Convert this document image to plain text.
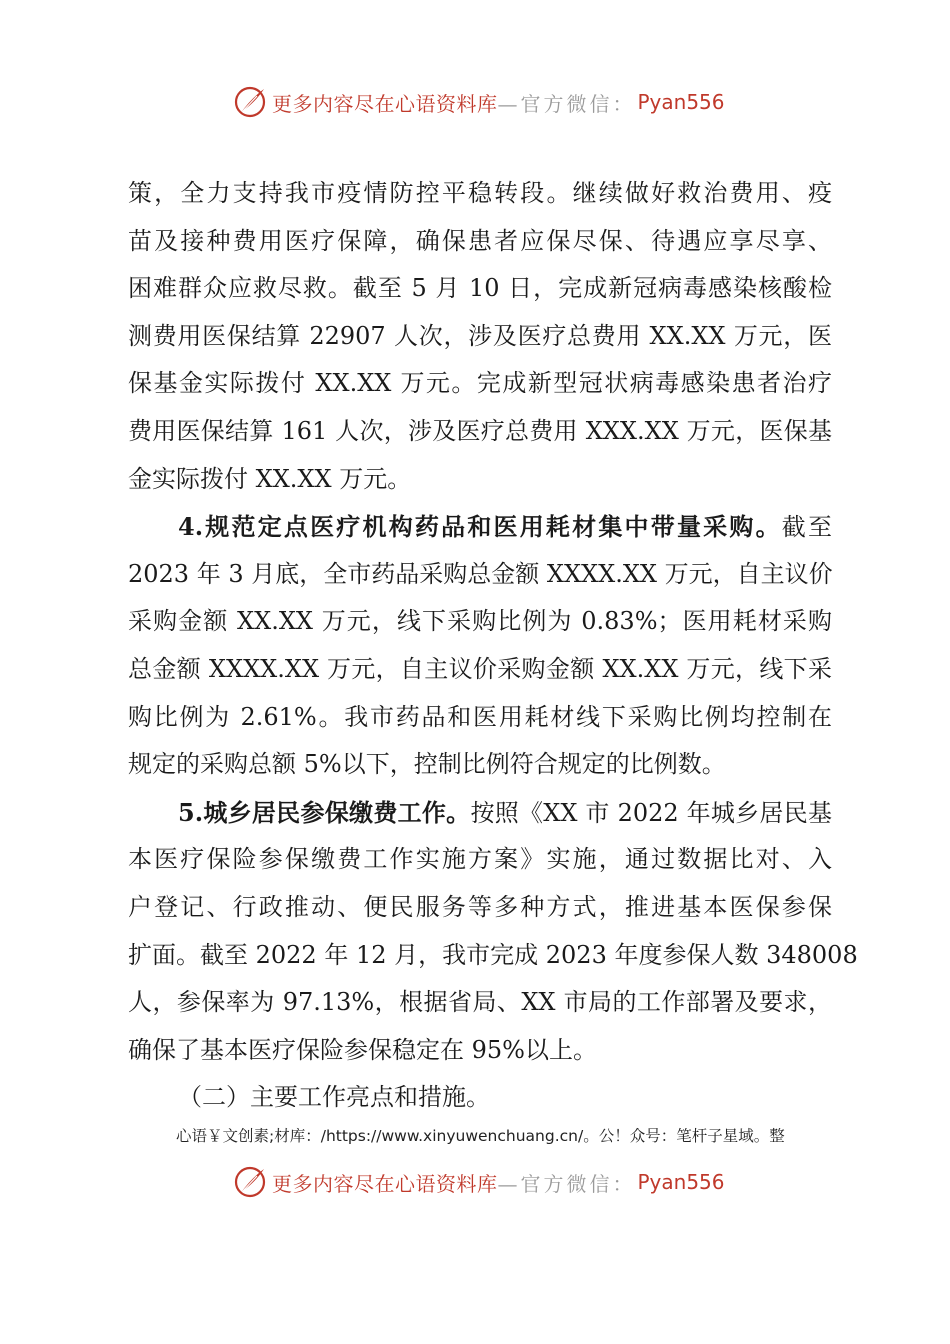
更多内容尽在心语资料库 —官方微信： Pyan556
策，全力支持我市疫情防控平稳转段。继续做好救治费用、疫
苗及接种费用医疗保障，确保患者应保尽保、待遇应享尽享、
困难群众应救尽救。截至 5 月 10 日，完成新冠病毒感染核酸检
测费用医保结算 22907 人次，涉及医疗总费用 XX.XX 万元，医
保基金实际拨付 XX.XX 万元。完成新型冠状病毒感染患者治疗
费用医保结算 161 人次，涉及医疗总费用 XXX.XX 万元，医保基
金实际拨付 XX.XX 万元。
4.规范定点医疗机构药品和医用耗材集中带量采购。截至
2023 年 3 月底，全市药品采购总金额 XXXX.XX 万元，自主议价
采购金额 XX.XX 万元，线下采购比例为 0.83%；医用耗材采购
总金额 XXXX.XX 万元，自主议价采购金额 XX.XX 万元，线下采
购比例为 2.61%。我市药品和医用耗材线下采购比例均控制在
规定的采购总额 5%以下，控制比例符合规定的比例数。
5.城乡居民参保缴费工作。按照《XX 市 2022 年城乡居民基
本医疗保险参保缴费工作实施方案》实施，通过数据比对、入
户登记、行政推动、便民服务等多种方式，推进基本医保参保
扩面。截至 2022 年 12 月，我市完成 2023 年度参保人数 348008
人，参保率为 97.13%，根据省局、XX 市局的工作部署及要求，
确保了基本医疗保险参保稳定在 95%以上。
（二）主要工作亮点和措施。
心语￥文创素;材库：/https://www.xinyuwenchuang.cn/。公！众号：笔杆子星域。整
更多内容尽在心语资料库 —官方微信： Pyan556
